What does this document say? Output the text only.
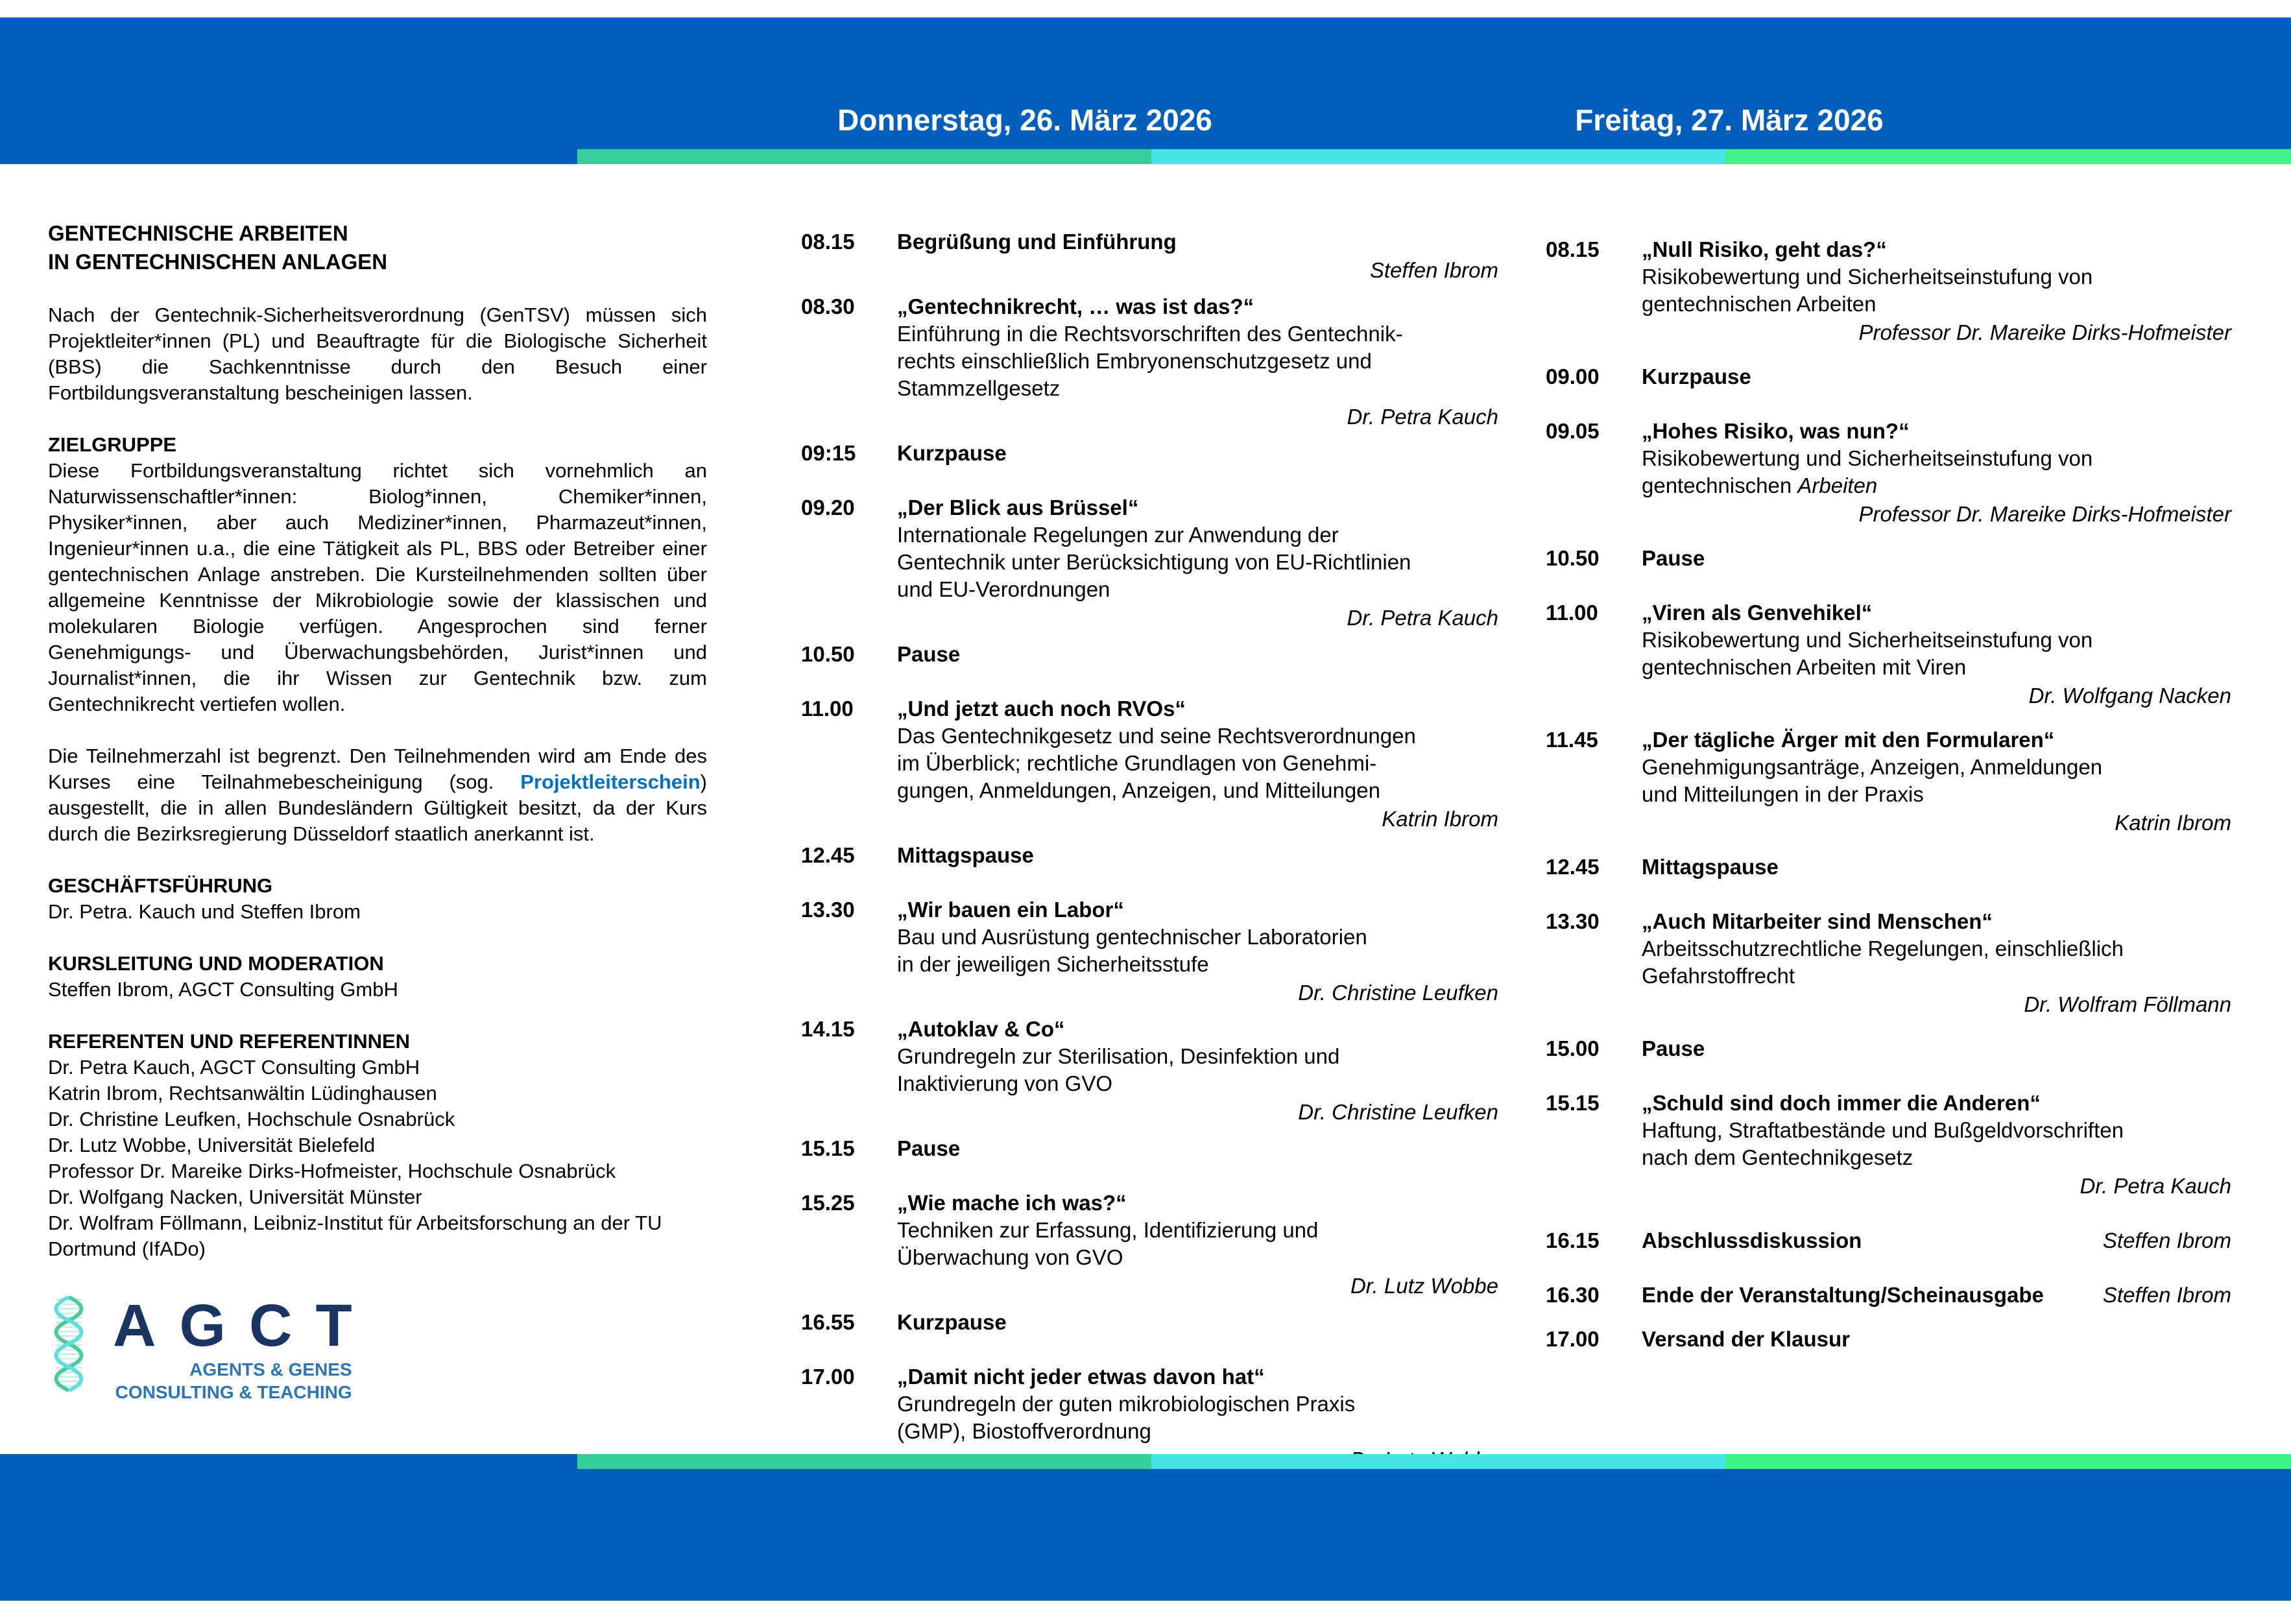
Donnerstag, 26. März 2026	Freitag, 27. März 2026
GENTECHNISCHE ARBEITEN
IN GENTECHNISCHEN ANLAGEN

Nach der Gentechnik-Sicherheitsverordnung (GenTSV) müssen sich Projektleiter*innen (PL) und Beauftragte für die Biologische Sicherheit (BBS) die Sachkenntnisse durch den Besuch einer Fortbildungsveranstaltung bescheinigen lassen.

ZIELGRUPPE
Diese Fortbildungsveranstaltung richtet sich vornehmlich an Naturwissenschaftler*innen: Biolog*innen, Chemiker*innen, Physiker*innen, aber auch Mediziner*innen, Pharmazeut*innen, Ingenieur*innen u.a., die eine Tätigkeit als PL, BBS oder Betreiber einer gentechnischen Anlage anstreben. Die Kursteilnehmenden sollten über allgemeine Kenntnisse der Mikrobiologie sowie der klassischen und molekularen Biologie verfügen. Angesprochen sind ferner Genehmigungs- und Überwachungsbehörden, Jurist*innen und Journalist*innen, die ihr Wissen zur Gentechnik bzw. zum Gentechnikrecht vertiefen wollen.

Die Teilnehmerzahl ist begrenzt. Den Teilnehmenden wird am Ende des Kurses eine Teilnahmebescheinigung (sog. Projektleiterschein) ausgestellt, die in allen Bundesländern Gültigkeit besitzt, da der Kurs durch die Bezirksregierung Düsseldorf staatlich anerkannt ist.

GESCHÄFTSFÜHRUNG
Dr. Petra. Kauch und Steffen Ibrom
KURSLEITUNG UND MODERATION
Steffen Ibrom, AGCT Consulting GmbH
REFERENTEN UND REFERENTINNEN
Dr. Petra Kauch, AGCT Consulting GmbH
Katrin Ibrom, Rechtsanwältin Lüdinghausen
Dr. Christine Leufken, Hochschule Osnabrück
Dr. Lutz Wobbe, Universität Bielefeld
Professor Dr. Mareike Dirks-Hofmeister, Hochschule Osnabrück
Dr. Wolfgang Nacken, Universität Münster
Dr. Wolfram Föllmann, Leibniz-Institut für Arbeitsforschung an der TU Dortmund (IfADo)
AGCT
AGENTS & GENES
CONSULTING & TEACHING
08.15	Begrüßung und Einführung
Steffen Ibrom
08.30	„Gentechnikrecht, … was ist das?“
Einführung in die Rechtsvorschriften des Gentechnik-
rechts einschließlich Embryonenschutzgesetz und
Stammzellgesetz
Dr. Petra Kauch
09:15	Kurzpause
09.20	„Der Blick aus Brüssel“
Internationale Regelungen zur Anwendung der
Gentechnik unter Berücksichtigung von EU-Richtlinien
und EU-Verordnungen
Dr. Petra Kauch
10.50	Pause
11.00	„Und jetzt auch noch RVOs“
Das Gentechnikgesetz und seine Rechtsverordnungen
im Überblick; rechtliche Grundlagen von Genehmi-
gungen, Anmeldungen, Anzeigen, und Mitteilungen
Katrin Ibrom
12.45	Mittagspause
13.30	„Wir bauen ein Labor“
Bau und Ausrüstung gentechnischer Laboratorien
in der jeweiligen Sicherheitsstufe
Dr. Christine Leufken
14.15	„Autoklav & Co“
Grundregeln zur Sterilisation, Desinfektion und
Inaktivierung von GVO
Dr. Christine Leufken
15.15	Pause
15.25	„Wie mache ich was?“
Techniken zur Erfassung, Identifizierung und
Überwachung von GVO
Dr. Lutz Wobbe
16.55	Kurzpause
17.00	„Damit nicht jeder etwas davon hat“
Grundregeln der guten mikrobiologischen Praxis
(GMP), Biostoffverordnung
08.15	„Null Risiko, geht das?“
Risikobewertung und Sicherheitseinstufung von
gentechnischen Arbeiten
Professor Dr. Mareike Dirks-Hofmeister
09.00	Kurzpause
09.05	„Hohes Risiko, was nun?“
Risikobewertung und Sicherheitseinstufung von
gentechnischen Arbeiten
Professor Dr. Mareike Dirks-Hofmeister
10.50	Pause
11.00	„Viren als Genvehikel“
Risikobewertung und Sicherheitseinstufung von
gentechnischen Arbeiten mit Viren
Dr. Wolfgang Nacken
11.45	„Der tägliche Ärger mit den Formularen“
Genehmigungsanträge, Anzeigen, Anmeldungen
und Mitteilungen in der Praxis
Katrin Ibrom
12.45	Mittagspause
13.30	„Auch Mitarbeiter sind Menschen“
Arbeitsschutzrechtliche Regelungen, einschließlich
Gefahrstoffrecht
Dr. Wolfram Föllmann
15.00	Pause
15.15	„Schuld sind doch immer die Anderen“
Haftung, Straftatbestände und Bußgeldvorschriften
nach dem Gentechnikgesetz
Dr. Petra Kauch
16.15	Abschlussdiskussion	Steffen Ibrom
16.30	Ende der Veranstaltung/Scheinausgabe	Steffen Ibrom
17.00	Versand der Klausur
